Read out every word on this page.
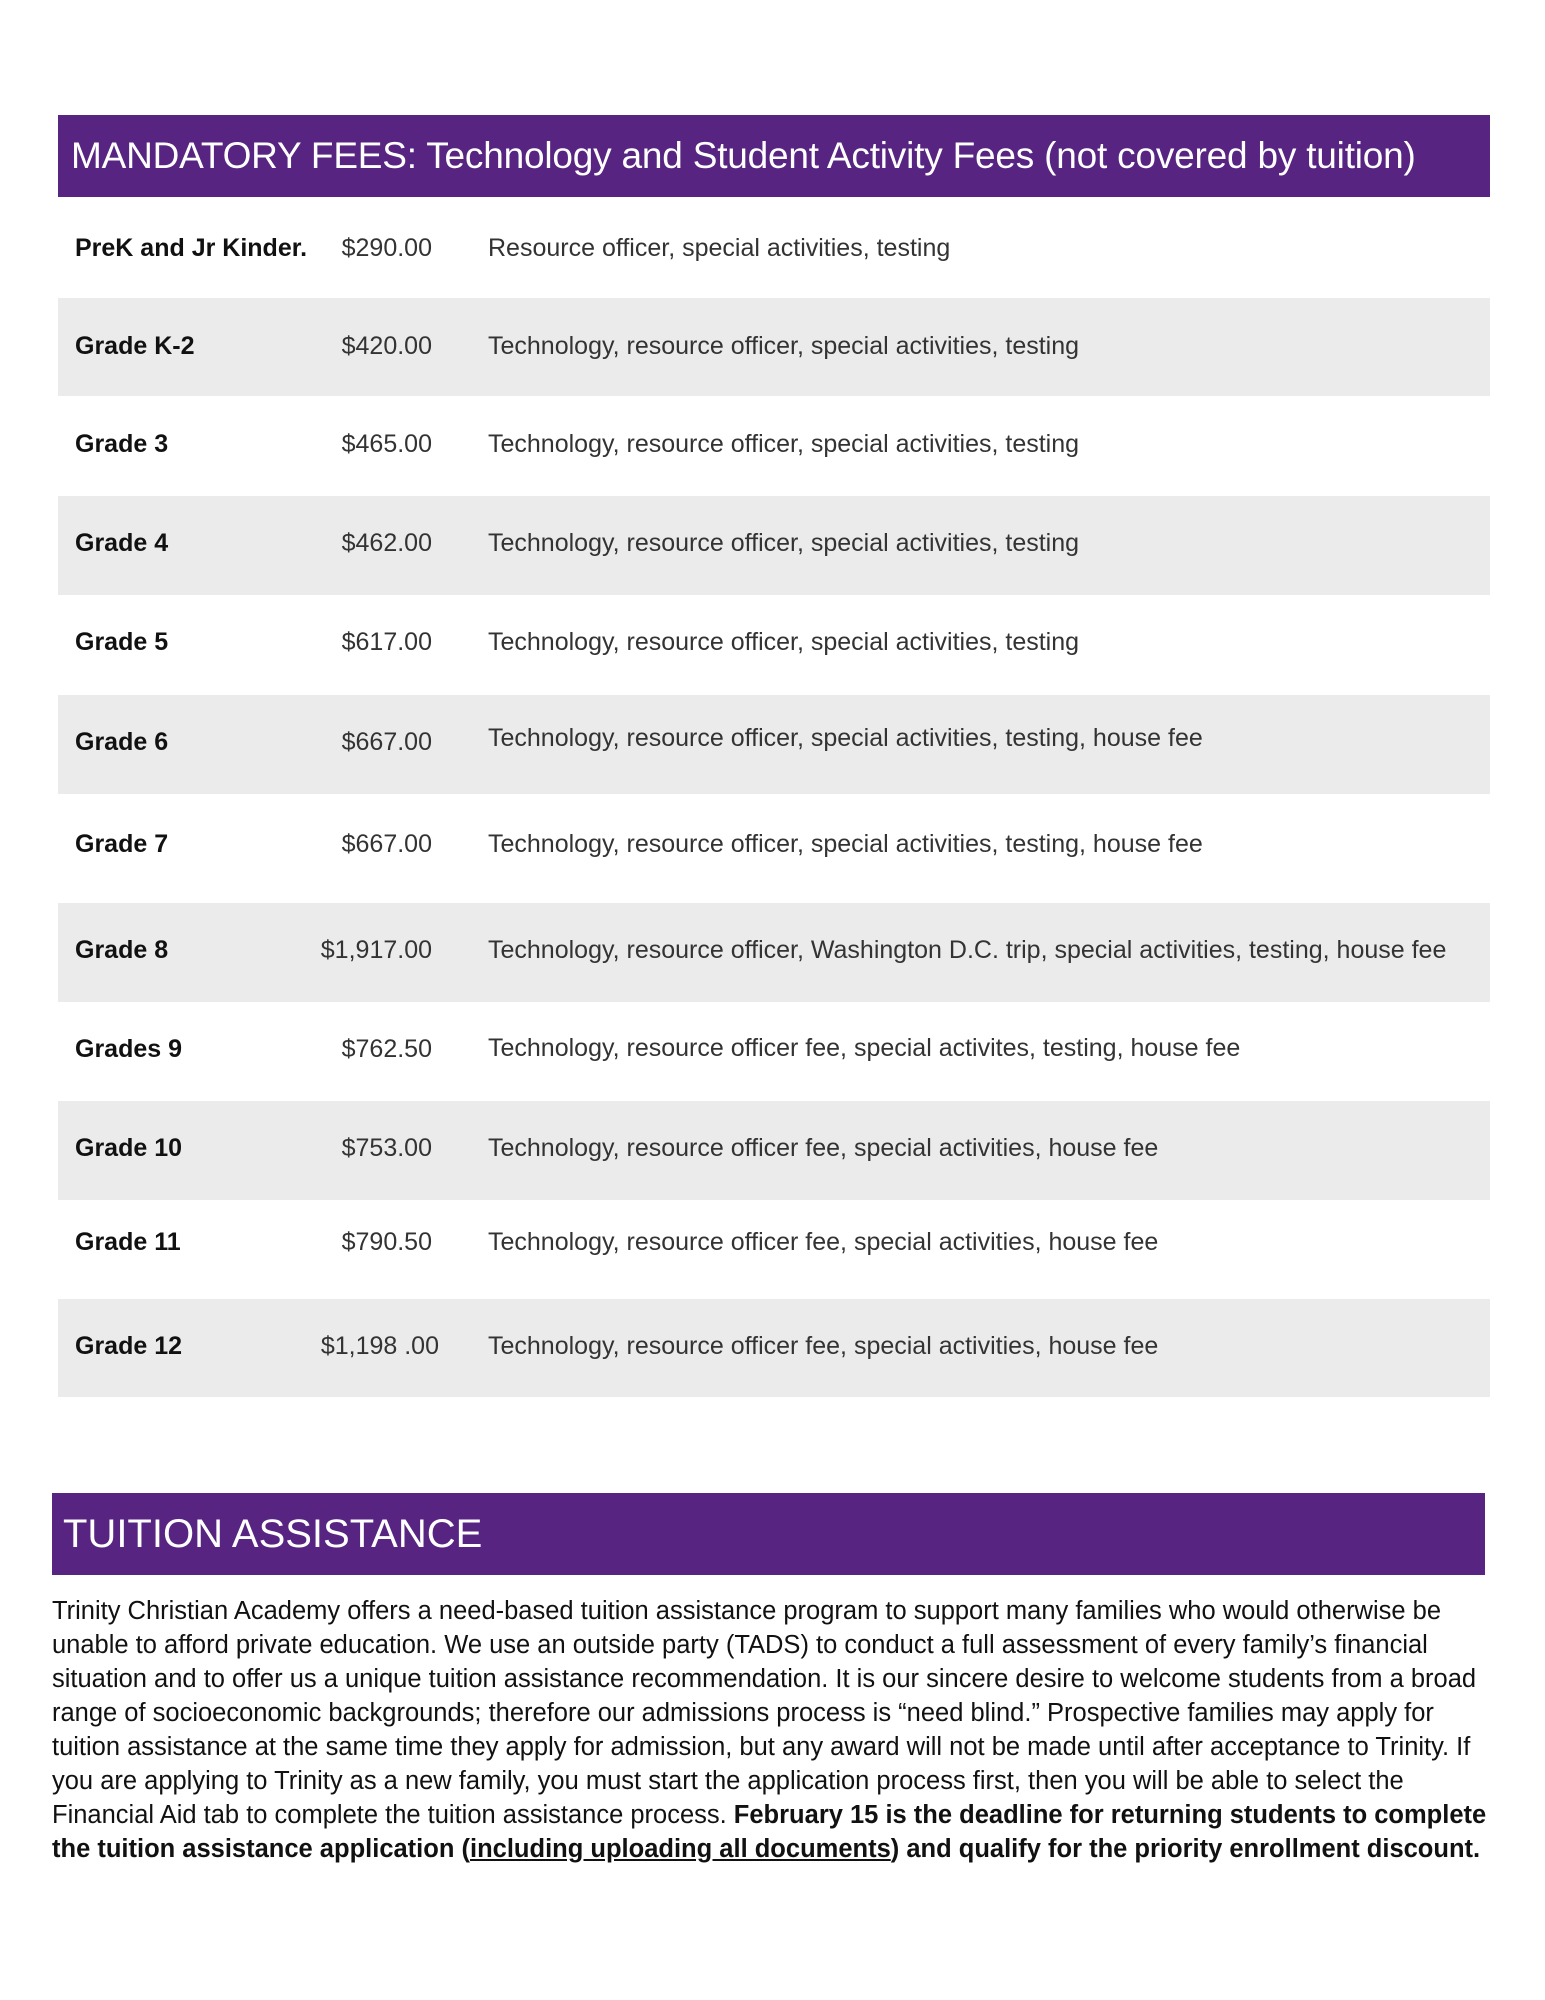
MANDATORY FEES: Technology and Student Activity Fees (not covered by tuition)
PreK and Jr Kinder. $290.00 Resource officer, special activities, testing
Grade K-2	$420.00 Technology, resource officer, special activities, testing
Grade 3	$465.00 Technology, resource officer, special activities, testing
Grade 4	$462.00 Technology, resource officer, special activities, testing
Grade 5	$617.00 Technology, resource officer, special activities, testing
Grade 6	$667.00 Technology, resource officer, special activities, testing, house fee
Grade 7	$667.00 Technology, resource officer, special activities, testing, house fee
Grade 8	$1,917.00 Technology, resource officer, Washington D.C. trip, special activities, testing, house fee
Grades 9	$762.50 Technology, resource officer fee, special activites, testing, house fee
Grade 10	$753.00 Technology, resource officer fee, special activities, house fee
Grade 11	$790.50 Technology, resource officer fee, special activities, house fee
Grade 12	$1,198 .00 Technology, resource officer fee, special activities, house fee
TUITION ASSISTANCE
Trinity Christian Academy offers a need-based tuition assistance program to support many families who would otherwise be unable to afford private education. We use an outside party (TADS) to conduct a full assessment of every family’s financial situation and to offer us a unique tuition assistance recommendation. It is our sincere desire to welcome students from a broad range of socioeconomic backgrounds; therefore our admissions process is “need blind.” Prospective families may apply for tuition assistance at the same time they apply for admission, but any award will not be made until after acceptance to Trinity. If you are applying to Trinity as a new family, you must start the application process first, then you will be able to select the Financial Aid tab to complete the tuition assistance process. February 15 is the deadline for returning students to complete the tuition assistance application (including uploading all documents) and qualify for the priority enrollment discount.
